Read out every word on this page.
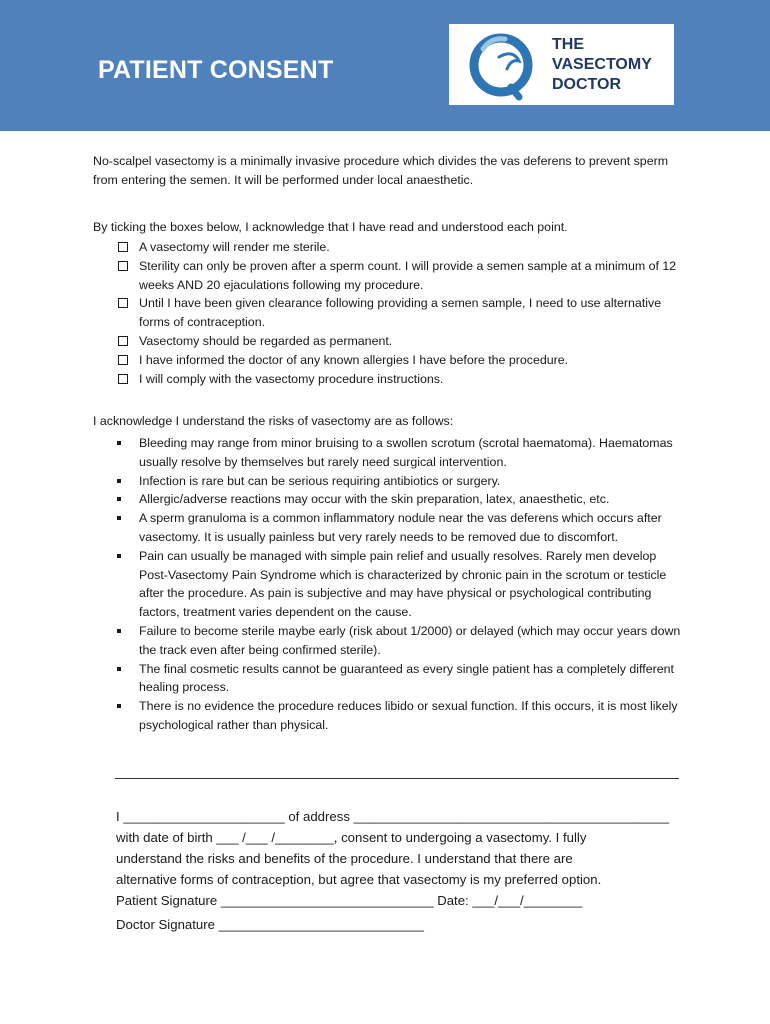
PATIENT CONSENT
THE
VASECTOMY
DOCTOR

No-scalpel vasectomy is a minimally invasive procedure which divides the vas deferens to prevent sperm from entering the semen. It will be performed under local anaesthetic.

By ticking the boxes below, I acknowledge that I have read and understood each point.

A vasectomy will render me sterile.
Sterility can only be proven after a sperm count. I will provide a semen sample at a minimum of 12 weeks AND 20 ejaculations following my procedure.
Until I have been given clearance following providing a semen sample, I need to use alternative forms of contraception.
Vasectomy should be regarded as permanent.
I have informed the doctor of any known allergies I have before the procedure.
I will comply with the vasectomy procedure instructions.

I acknowledge I understand the risks of vasectomy are as follows:

Bleeding may range from minor bruising to a swollen scrotum (scrotal haematoma). Haematomas usually resolve by themselves but rarely need surgical intervention.
Infection is rare but can be serious requiring antibiotics or surgery.
Allergic/adverse reactions may occur with the skin preparation, latex, anaesthetic, etc.
A sperm granuloma is a common inflammatory nodule near the vas deferens which occurs after vasectomy. It is usually painless but very rarely needs to be removed due to discomfort.
Pain can usually be managed with simple pain relief and usually resolves. Rarely men develop Post-Vasectomy Pain Syndrome which is characterized by chronic pain in the scrotum or testicle after the procedure. As pain is subjective and may have physical or psychological contributing factors, treatment varies dependent on the cause.
Failure to become sterile maybe early (risk about 1/2000) or delayed (which may occur years down the track even after being confirmed sterile).
The final cosmetic results cannot be guaranteed as every single patient has a completely different healing process.
There is no evidence the procedure reduces libido or sexual function. If this occurs, it is most likely psychological rather than physical.
I ______________________ of address ___________________________________________
with date of birth ___ /___ /________, consent to undergoing a vasectomy. I fully
understand the risks and benefits of the procedure. I understand that there are
alternative forms of contraception, but agree that vasectomy is my preferred option.
Patient Signature _____________________________ Date: ___/___/________
Doctor Signature ____________________________
